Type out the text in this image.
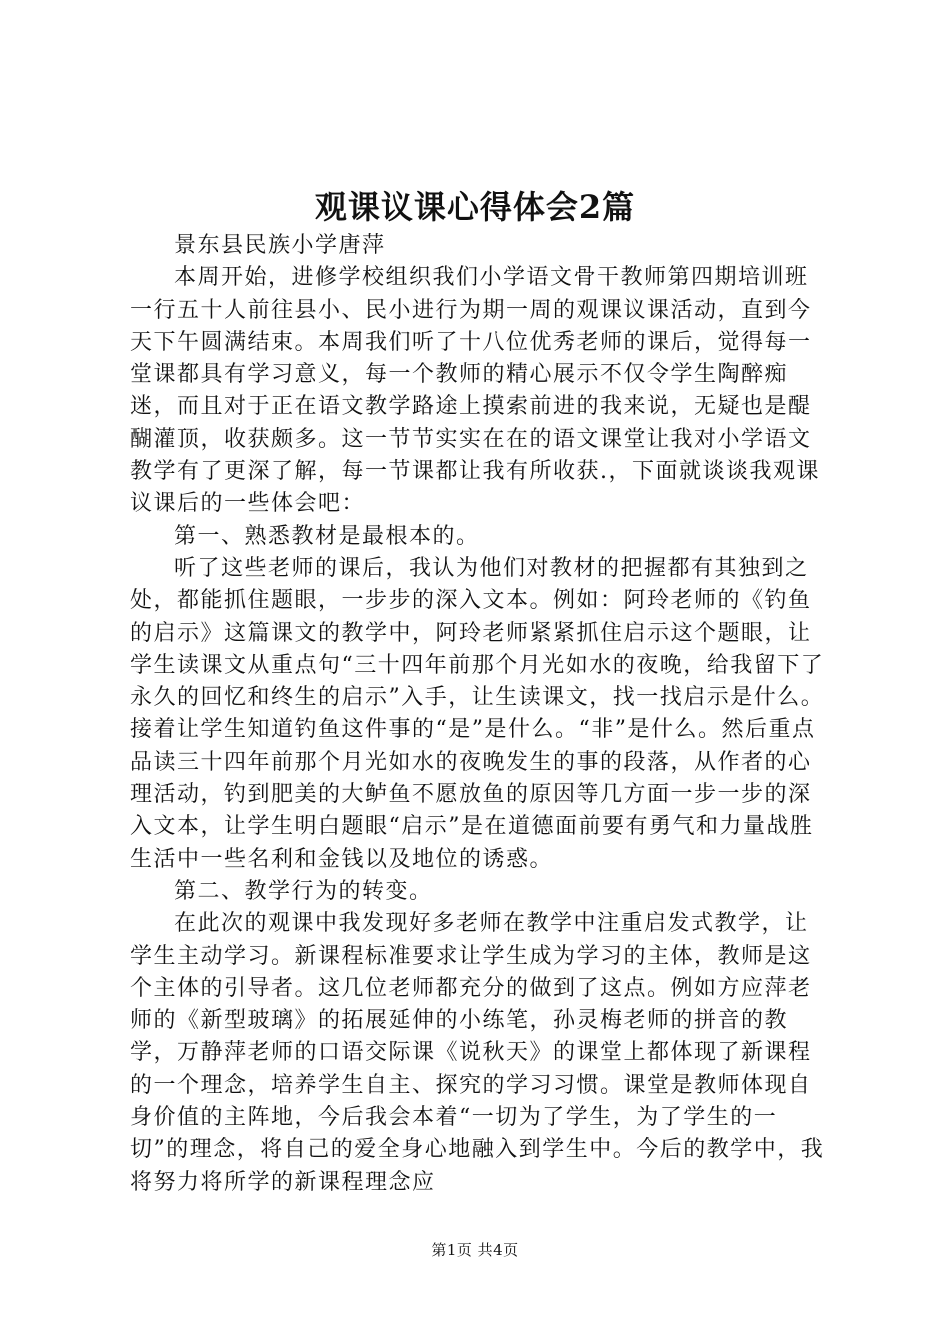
观课议课心得体会2篇

景东县民族小学唐萍

本周开始，进修学校组织我们小学语文骨干教师第四期培训班一行五十人前往县小、民小进行为期一周的观课议课活动，直到今天下午圆满结束。本周我们听了十八位优秀老师的课后，觉得每一堂课都具有学习意义，每一个教师的精心展示不仅令学生陶醉痴迷，而且对于正在语文教学路途上摸索前进的我来说，无疑也是醍醐灌顶，收获颇多。这一节节实实在在的语文课堂让我对小学语文教学有了更深了解，每一节课都让我有所收获.，下面就谈谈我观课议课后的一些体会吧：

第一、熟悉教材是最根本的。

听了这些老师的课后，我认为他们对教材的把握都有其独到之处，都能抓住题眼，一步步的深入文本。例如：阿玲老师的《钓鱼的启示》这篇课文的教学中，阿玲老师紧紧抓住启示这个题眼，让学生读课文从重点句“三十四年前那个月光如水的夜晚，给我留下了永久的回忆和终生的启示”入手，让生读课文，找一找启示是什么。接着让学生知道钓鱼这件事的“是”是什么。“非”是什么。然后重点品读三十四年前那个月光如水的夜晚发生的事的段落，从作者的心理活动，钓到肥美的大鲈鱼不愿放鱼的原因等几方面一步一步的深入文本，让学生明白题眼“启示”是在道德面前要有勇气和力量战胜生活中一些名利和金钱以及地位的诱惑。

第二、教学行为的转变。

在此次的观课中我发现好多老师在教学中注重启发式教学，让学生主动学习。新课程标准要求让学生成为学习的主体，教师是这个主体的引导者。这几位老师都充分的做到了这点。例如方应萍老师的《新型玻璃》的拓展延伸的小练笔，孙灵梅老师的拼音的教学，万静萍老师的口语交际课《说秋天》的课堂上都体现了新课程的一个理念，培养学生自主、探究的学习习惯。课堂是教师体现自身价值的主阵地，今后我会本着“一切为了学生，为了学生的一切”的理念，将自己的爱全身心地融入到学生中。今后的教学中，我将努力将所学的新课程理念应

第1页 共4页
